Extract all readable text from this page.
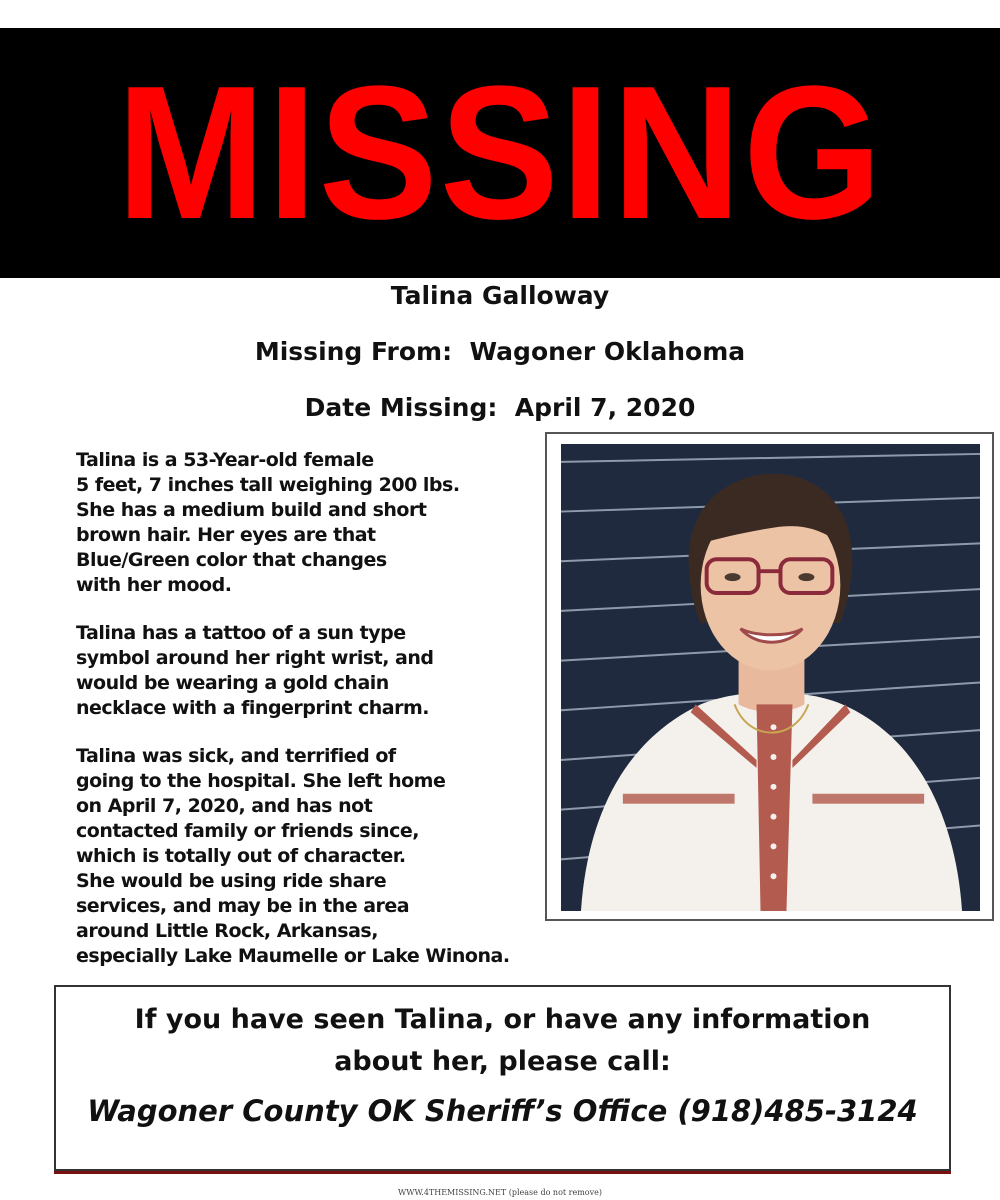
MISSING
Talina Galloway
Missing From: Wagoner Oklahoma
Date Missing: April 7, 2020

Talina is a 53-Year-old female
5 feet, 7 inches tall weighing 200 lbs.
She has a medium build and short
brown hair. Her eyes are that
Blue/Green color that changes
with her mood.

Talina has a tattoo of a sun type
symbol around her right wrist, and
would be wearing a gold chain
necklace with a fingerprint charm.

Talina was sick, and terrified of
going to the hospital. She left home
on April 7, 2020, and has not
contacted family or friends since,
which is totally out of character.
She would be using ride share
services, and may be in the area
around Little Rock, Arkansas,
especially Lake Maumelle or Lake Winona.

If you have seen Talina, or have any information
about her, please call:
Wagoner County OK Sheriff’s Office (918)485-3124
WWW.4THEMISSING.NET (please do not remove)
